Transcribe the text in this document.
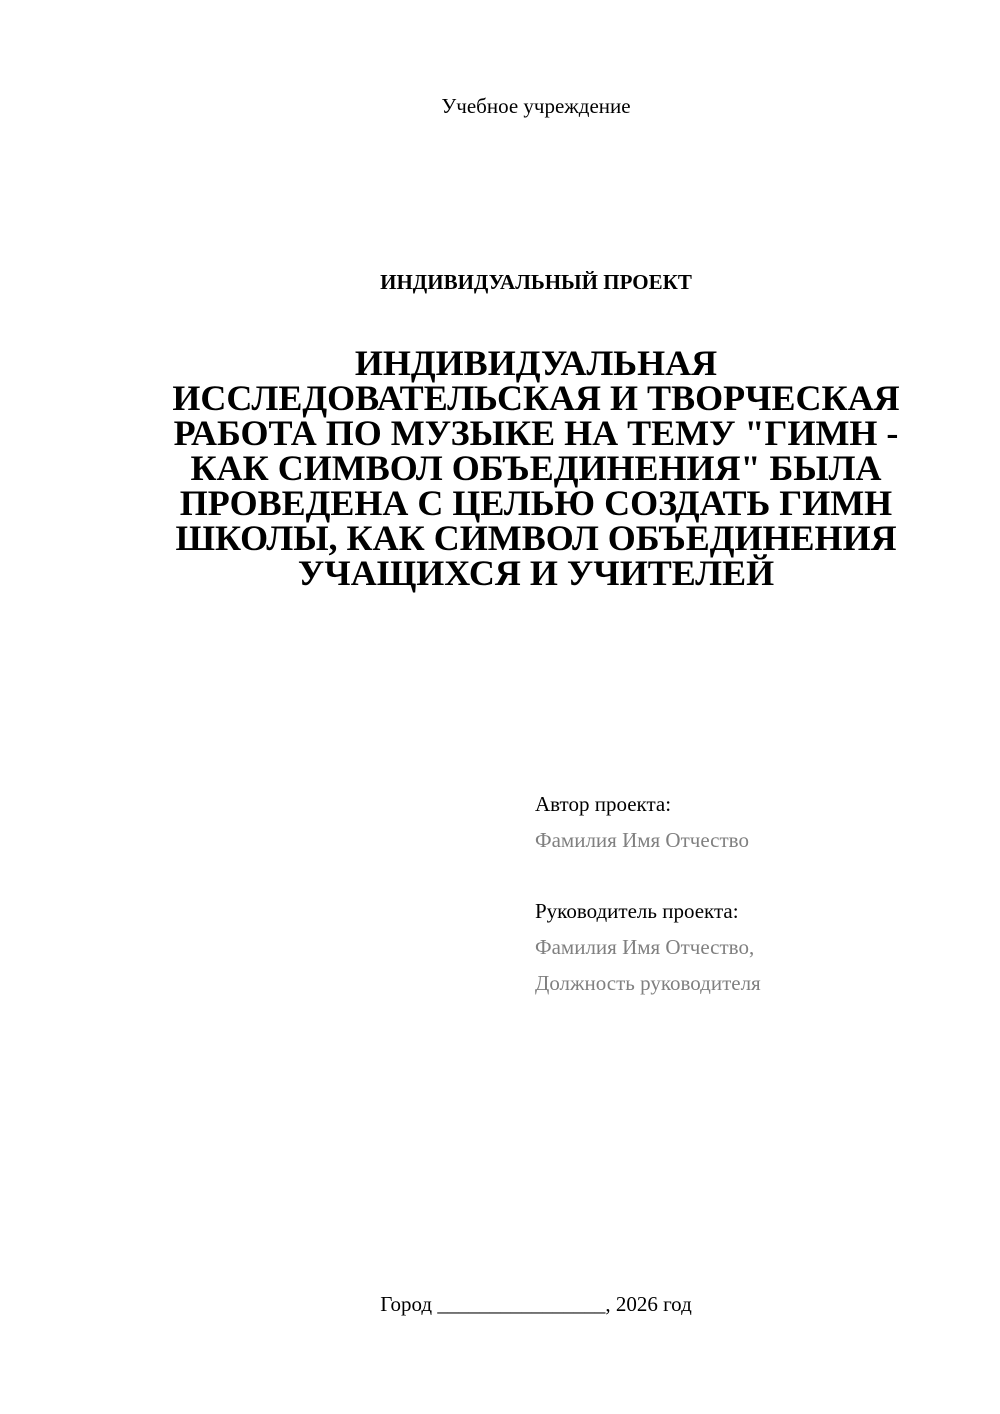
Учебное учреждение
ИНДИВИДУАЛЬНЫЙ ПРОЕКТ
ИНДИВИДУАЛЬНАЯ ИССЛЕДОВАТЕЛЬСКАЯ И ТВОРЧЕСКАЯ РАБОТА ПО МУЗЫКЕ НА ТЕМУ "ГИМН - КАК СИМВОЛ ОБЪЕДИНЕНИЯ" БЫЛА ПРОВЕДЕНА С ЦЕЛЬЮ СОЗДАТЬ ГИМН ШКОЛЫ, КАК СИМВОЛ ОБЪЕДИНЕНИЯ УЧАЩИХСЯ И УЧИТЕЛЕЙ
Автор проекта:
Фамилия Имя Отчество
Руководитель проекта:
Фамилия Имя Отчество,
Должность руководителя
Город ________________, 2026 год
